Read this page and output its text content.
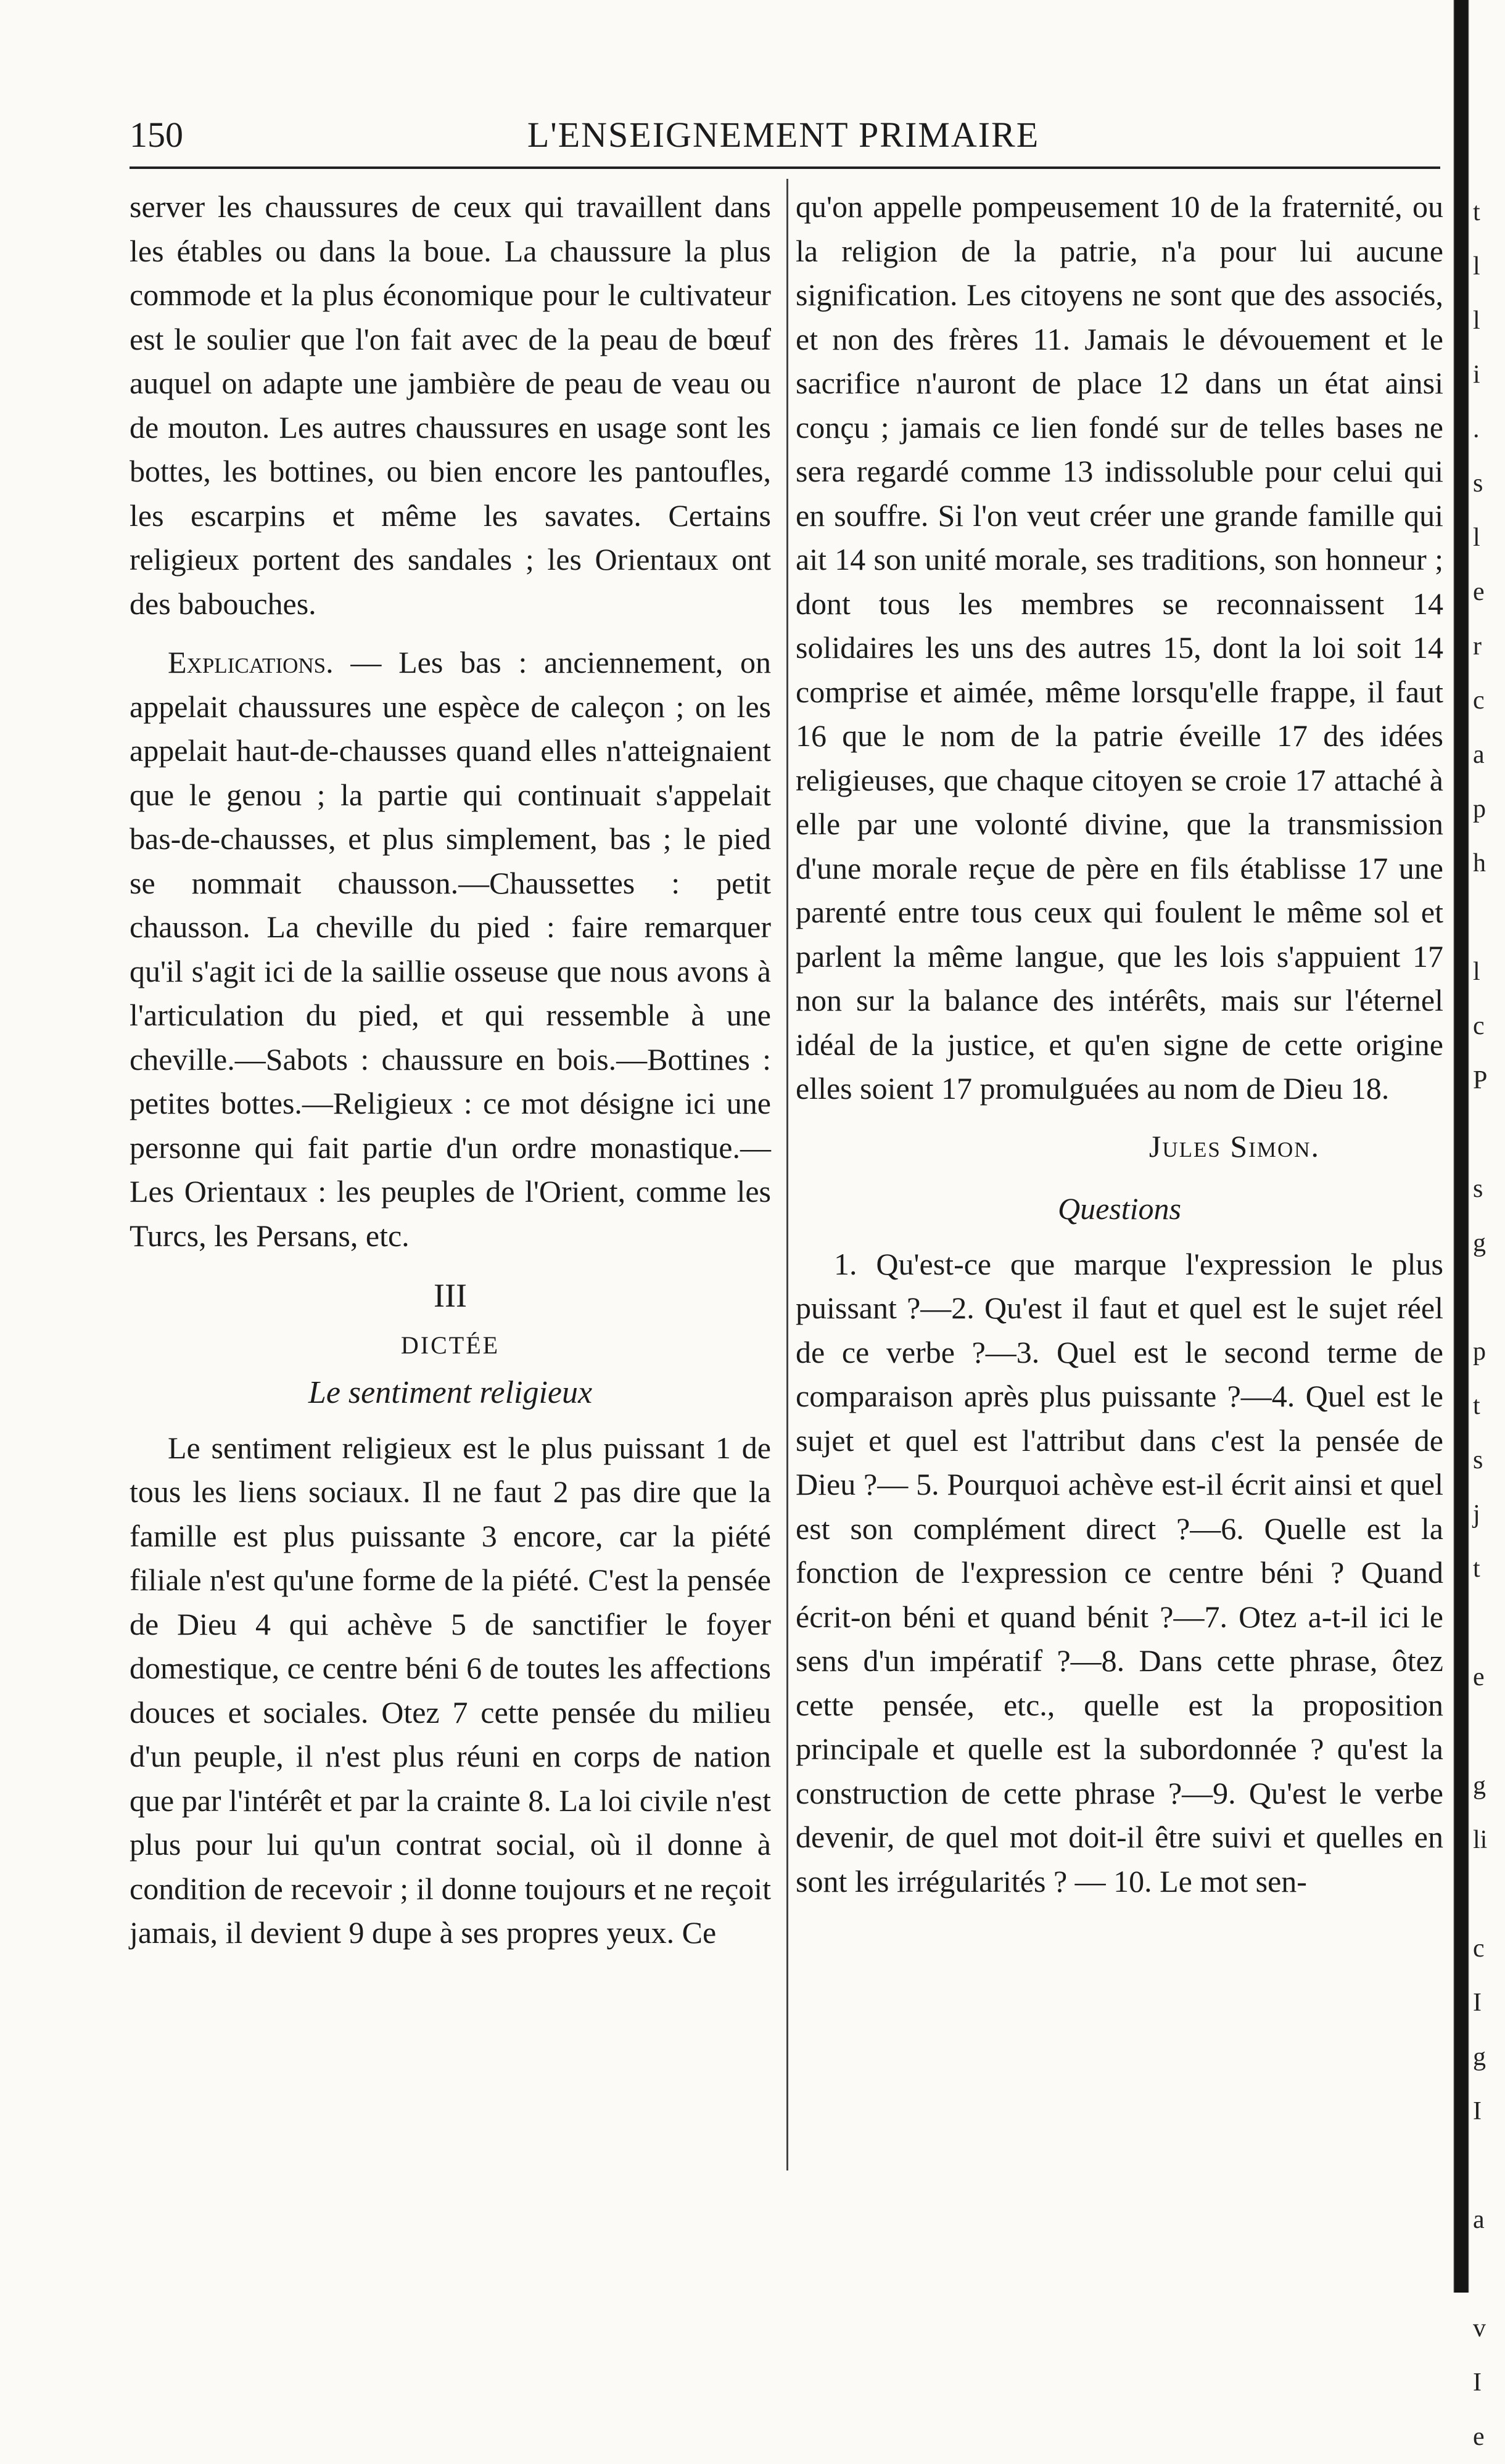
150	L'ENSEIGNEMENT PRIMAIRE

server les chaussures de ceux qui travaillent dans les étables ou dans la boue. La chaussure la plus commode et la plus économique pour le cultivateur est le soulier que l'on fait avec de la peau de bœuf auquel on adapte une jambière de peau de veau ou de mouton. Les autres chaussures en usage sont les bottes, les bottines, ou bien encore les pantoufles, les escarpins et même les savates. Certains religieux portent des sandales ; les Orientaux ont des babouches.

Explications. — Les bas : anciennement, on appelait chaussures une espèce de caleçon ; on les appelait haut-de-chausses quand elles n'atteignaient que le genou ; la partie qui continuait s'appelait bas-de-chausses, et plus simplement, bas ; le pied se nommait chausson.—Chaussettes : petit chausson. La cheville du pied : faire remarquer qu'il s'agit ici de la saillie osseuse que nous avons à l'articulation du pied, et qui ressemble à une cheville.—Sabots : chaussure en bois.—Bottines : petites bottes.—Religieux : ce mot désigne ici une personne qui fait partie d'un ordre monastique.—Les Orientaux : les peuples de l'Orient, comme les Turcs, les Persans, etc.

III
DICTÉE
Le sentiment religieux

Le sentiment religieux est le plus puissant 1 de tous les liens sociaux. Il ne faut 2 pas dire que la famille est plus puissante 3 encore, car la piété filiale n'est qu'une forme de la piété. C'est la pensée de Dieu 4 qui achève 5 de sanctifier le foyer domestique, ce centre béni 6 de toutes les affections douces et sociales. Otez 7 cette pensée du milieu d'un peuple, il n'est plus réuni en corps de nation que par l'intérêt et par la crainte 8. La loi civile n'est plus pour lui qu'un contrat social, où il donne à condition de recevoir ; il donne toujours et ne reçoit jamais, il devient 9 dupe à ses propres yeux. Ce

qu'on appelle pompeusement 10 de la fraternité, ou la religion de la patrie, n'a pour lui aucune signification. Les citoyens ne sont que des associés, et non des frères 11. Jamais le dévouement et le sacrifice n'auront de place 12 dans un état ainsi conçu ; jamais ce lien fondé sur de telles bases ne sera regardé comme 13 indissoluble pour celui qui en souffre. Si l'on veut créer une grande famille qui ait 14 son unité morale, ses traditions, son honneur ; dont tous les membres se reconnaissent 14 solidaires les uns des autres 15, dont la loi soit 14 comprise et aimée, même lorsqu'elle frappe, il faut 16 que le nom de la patrie éveille 17 des idées religieuses, que chaque citoyen se croie 17 attaché à elle par une volonté divine, que la transmission d'une morale reçue de père en fils établisse 17 une parenté entre tous ceux qui foulent le même sol et parlent la même langue, que les lois s'appuient 17 non sur la balance des intérêts, mais sur l'éternel idéal de la justice, et qu'en signe de cette origine elles soient 17 promulguées au nom de Dieu 18.

Jules Simon.
Questions

1. Qu'est-ce que marque l'expression le plus puissant ?—2. Qu'est il faut et quel est le sujet réel de ce verbe ?—3. Quel est le second terme de comparaison après plus puissante ?—4. Quel est le sujet et quel est l'attribut dans c'est la pensée de Dieu ?— 5. Pourquoi achève est-il écrit ainsi et quel est son complément direct ?—6. Quelle est la fonction de l'expression ce centre béni ? Quand écrit-on béni et quand bénit ?—7. Otez a-t-il ici le sens d'un impératif ?—8. Dans cette phrase, ôtez cette pensée, etc., quelle est la proposition principale et quelle est la subordonnée ? qu'est la construction de cette phrase ?—9. Qu'est le verbe devenir, de quel mot doit-il être suivi et quelles en sont les irrégularités ? — 10. Le mot sen-

t
l
l
i
.
s
l
e
r
c
a
p
h
l
c
P
s
g
p
t
s
j
t
e
g
li
c
I
g
I
a
v
I
e
